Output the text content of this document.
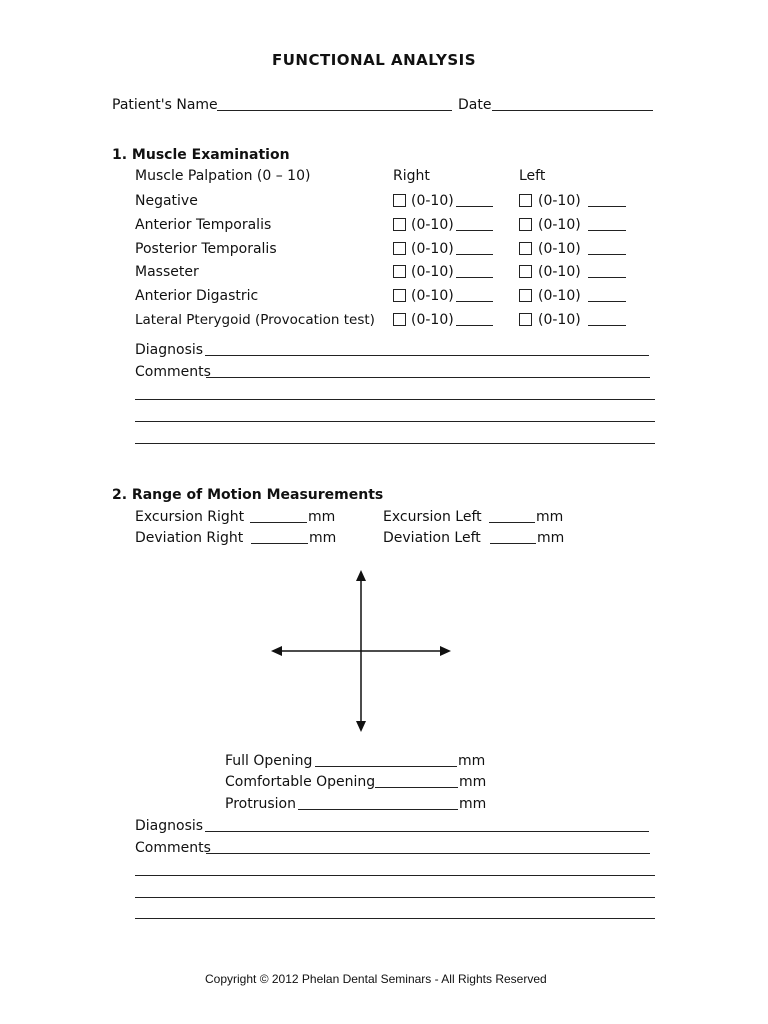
FUNCTIONAL ANALYSIS
Patient's Name	Date
1. Muscle Examination
Muscle Palpation (0 – 10)	Right	Left
Negative	(0-10)	(0-10)
Anterior Temporalis	(0-10)	(0-10)
Posterior Temporalis	(0-10)	(0-10)
Masseter	(0-10)	(0-10)
Anterior Digastric	(0-10)	(0-10)
Lateral Pterygoid (Provocation test)	(0-10)	(0-10)
Diagnosis
Comments
2. Range of Motion Measurements
Excursion Right	mm	Excursion Left	mm
Deviation Right	mm	Deviation Left	mm
Full Opening	mm
Comfortable Opening	mm
Protrusion	mm
Diagnosis
Comments
Copyright © 2012 Phelan Dental Seminars - All Rights Reserved
